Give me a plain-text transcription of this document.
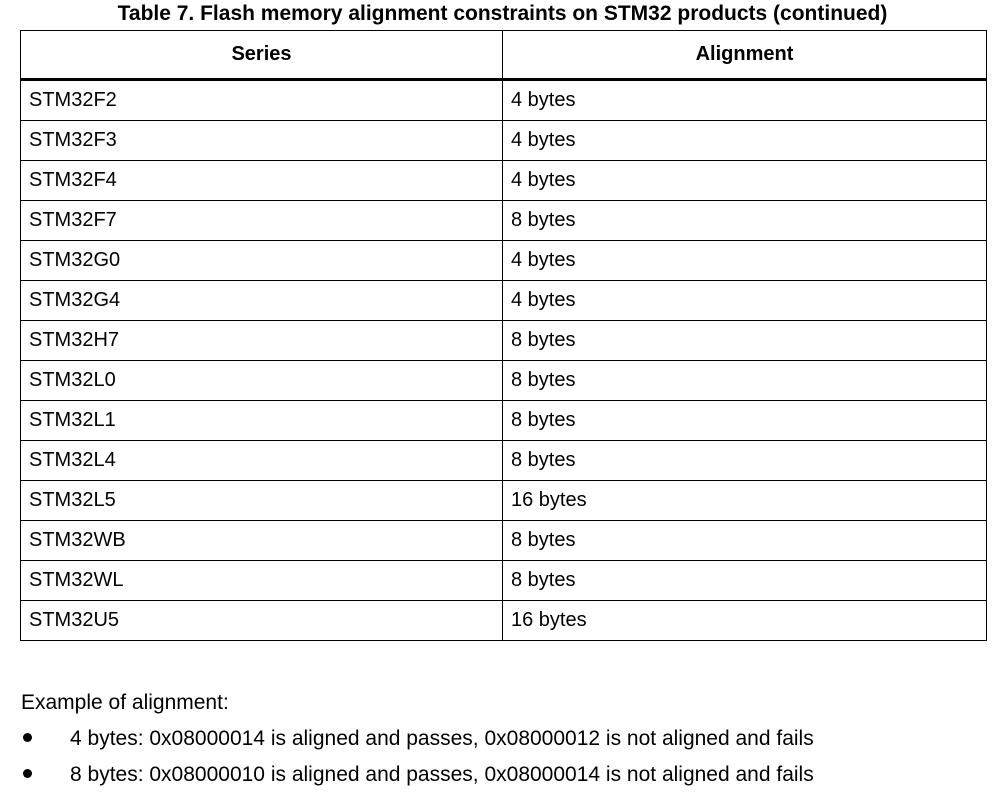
Table 7. Flash memory alignment constraints on STM32 products (continued)
Series	Alignment
STM32F2	4 bytes
STM32F3	4 bytes
STM32F4	4 bytes
STM32F7	8 bytes
STM32G0	4 bytes
STM32G4	4 bytes
STM32H7	8 bytes
STM32L0	8 bytes
STM32L1	8 bytes
STM32L4	8 bytes
STM32L5	16 bytes
STM32WB	8 bytes
STM32WL	8 bytes
STM32U5	16 bytes
Example of alignment:
4 bytes: 0x08000014 is aligned and passes, 0x08000012 is not aligned and fails
8 bytes: 0x08000010 is aligned and passes, 0x08000014 is not aligned and fails
